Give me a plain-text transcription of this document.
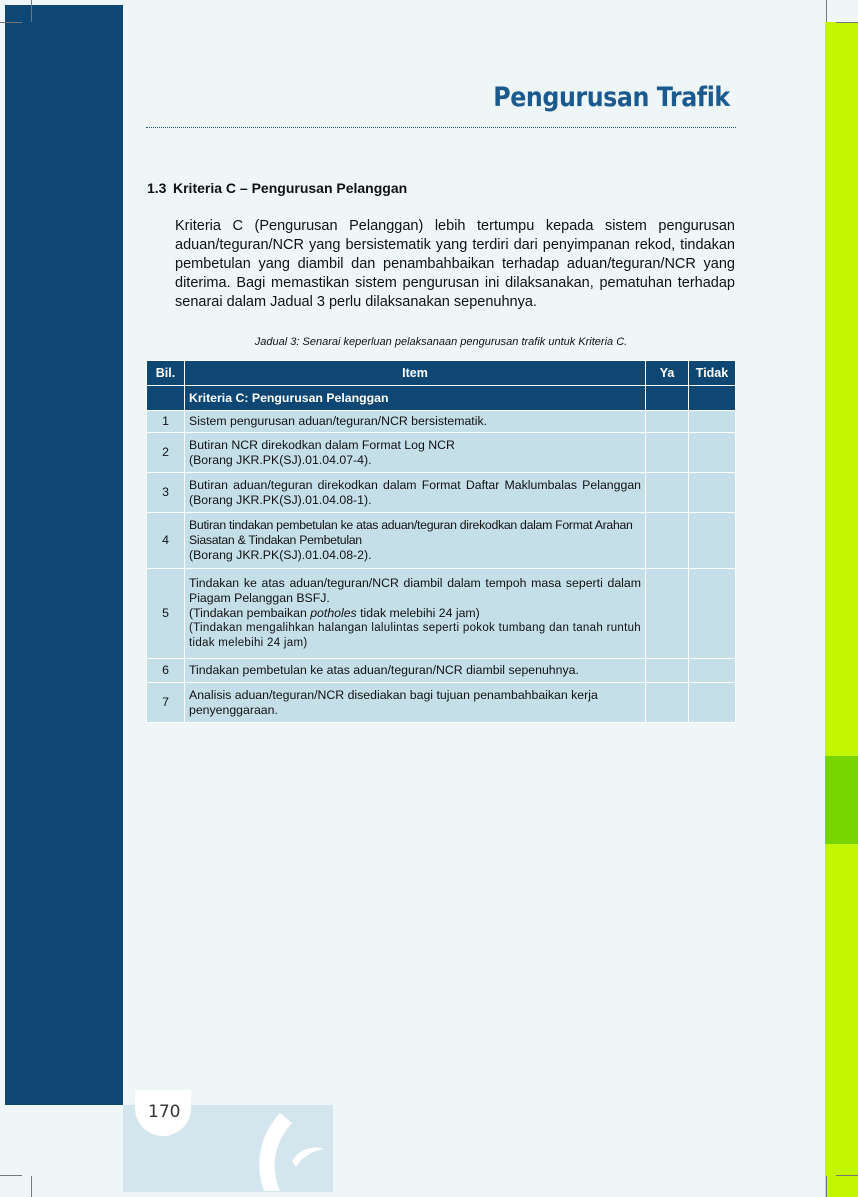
Pengurusan Trafik
1.3 Kriteria C – Pengurusan Pelanggan
Kriteria C (Pengurusan Pelanggan) lebih tertumpu kepada sistem pengurusan aduan/teguran/NCR yang bersistematik yang terdiri dari penyimpanan rekod, tindakan pembetulan yang diambil dan penambahbaikan terhadap aduan/teguran/NCR yang diterima. Bagi memastikan sistem pengurusan ini dilaksanakan, pematuhan terhadap senarai dalam Jadual 3 perlu dilaksanakan sepenuhnya.
Jadual 3: Senarai keperluan pelaksanaan pengurusan trafik untuk Kriteria C.
Bil.	Item	Ya	Tidak
	Kriteria C: Pengurusan Pelanggan		
1	Sistem pengurusan aduan/teguran/NCR bersistematik.		
2	Butiran NCR direkodkan dalam Format Log NCR
(Borang JKR.PK(SJ).01.04.07-4).		

3	Butiran aduan/teguran direkodkan dalam Format Daftar Maklumbalas Pelanggan (Borang JKR.PK(SJ).01.04.08-1).		
4	Butiran tindakan pembetulan ke atas aduan/teguran direkodkan dalam Format Arahan Siasatan & Tindakan Pembetulan
(Borang JKR.PK(SJ).01.04.08-2).		

5	Tindakan ke atas aduan/teguran/NCR diambil dalam tempoh masa seperti dalam Piagam Pelanggan BSFJ.
(Tindakan pembaikan potholes tidak melebihi 24 jam)
(Tindakan mengalihkan halangan lalulintas seperti pokok tumbang dan tanah runtuh tidak melebihi 24 jam)		

6	Tindakan pembetulan ke atas aduan/teguran/NCR diambil sepenuhnya.		
7	Analisis aduan/teguran/NCR disediakan bagi tujuan penambahbaikan kerja penyenggaraan.		
170
